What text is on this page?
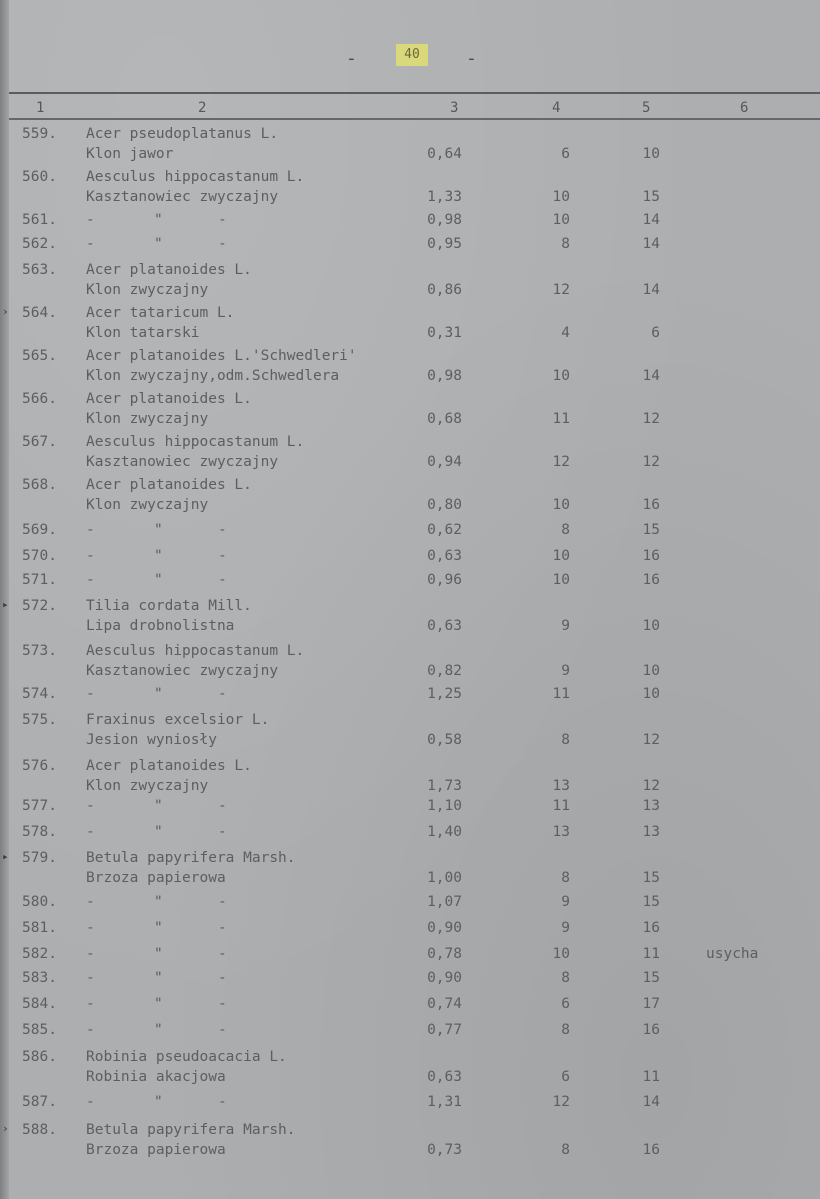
-	40	-
1	2	3	4	5	6
559.	Acer pseudoplatanus L.
Klon jawor	0,64	6	10
560.	Aesculus hippocastanum L.
Kasztanowiec zwyczajny	1,33	10	15
561.	-	"	-	0,98	10	14
562.	-	"	-	0,95	8	14
563.	Acer platanoides L.
Klon zwyczajny	0,86	12	14
564.	Acer tataricum L.
Klon tatarski	0,31	4	6
565.	Acer platanoides L.'Schwedleri'
Klon zwyczajny,odm.Schwedlera	0,98	10	14
566.	Acer platanoides L.
Klon zwyczajny	0,68	11	12
567.	Aesculus hippocastanum L.
Kasztanowiec zwyczajny	0,94	12	12
568.	Acer platanoides L.
Klon zwyczajny	0,80	10	16
569.	-	"	-	0,62	8	15
570.	-	"	-	0,63	10	16
571.	-	"	-	0,96	10	16
572.	Tilia cordata Mill.
Lipa drobnolistna	0,63	9	10
573.	Aesculus hippocastanum L.
Kasztanowiec zwyczajny	0,82	9	10
574.	-	"	-	1,25	11	10
575.	Fraxinus excelsior L.
Jesion wyniosły	0,58	8	12
576.	Acer platanoides L.
Klon zwyczajny	1,73	13	12
577.	-	"	-	1,10	11	13
578.	-	"	-	1,40	13	13
579.	Betula papyrifera Marsh.
Brzoza papierowa	1,00	8	15
580.	-	"	-	1,07	9	15
581.	-	"	-	0,90	9	16
582.	-	"	-	0,78	10	11	usycha
583.	-	"	-	0,90	8	15
584.	-	"	-	0,74	6	17
585.	-	"	-	0,77	8	16
586.	Robinia pseudoacacia L.
Robinia akacjowa	0,63	6	11
587.	-	"	-	1,31	12	14
588.	Betula papyrifera Marsh.
Brzoza papierowa	0,73	8	16
›
▸
▸
›
